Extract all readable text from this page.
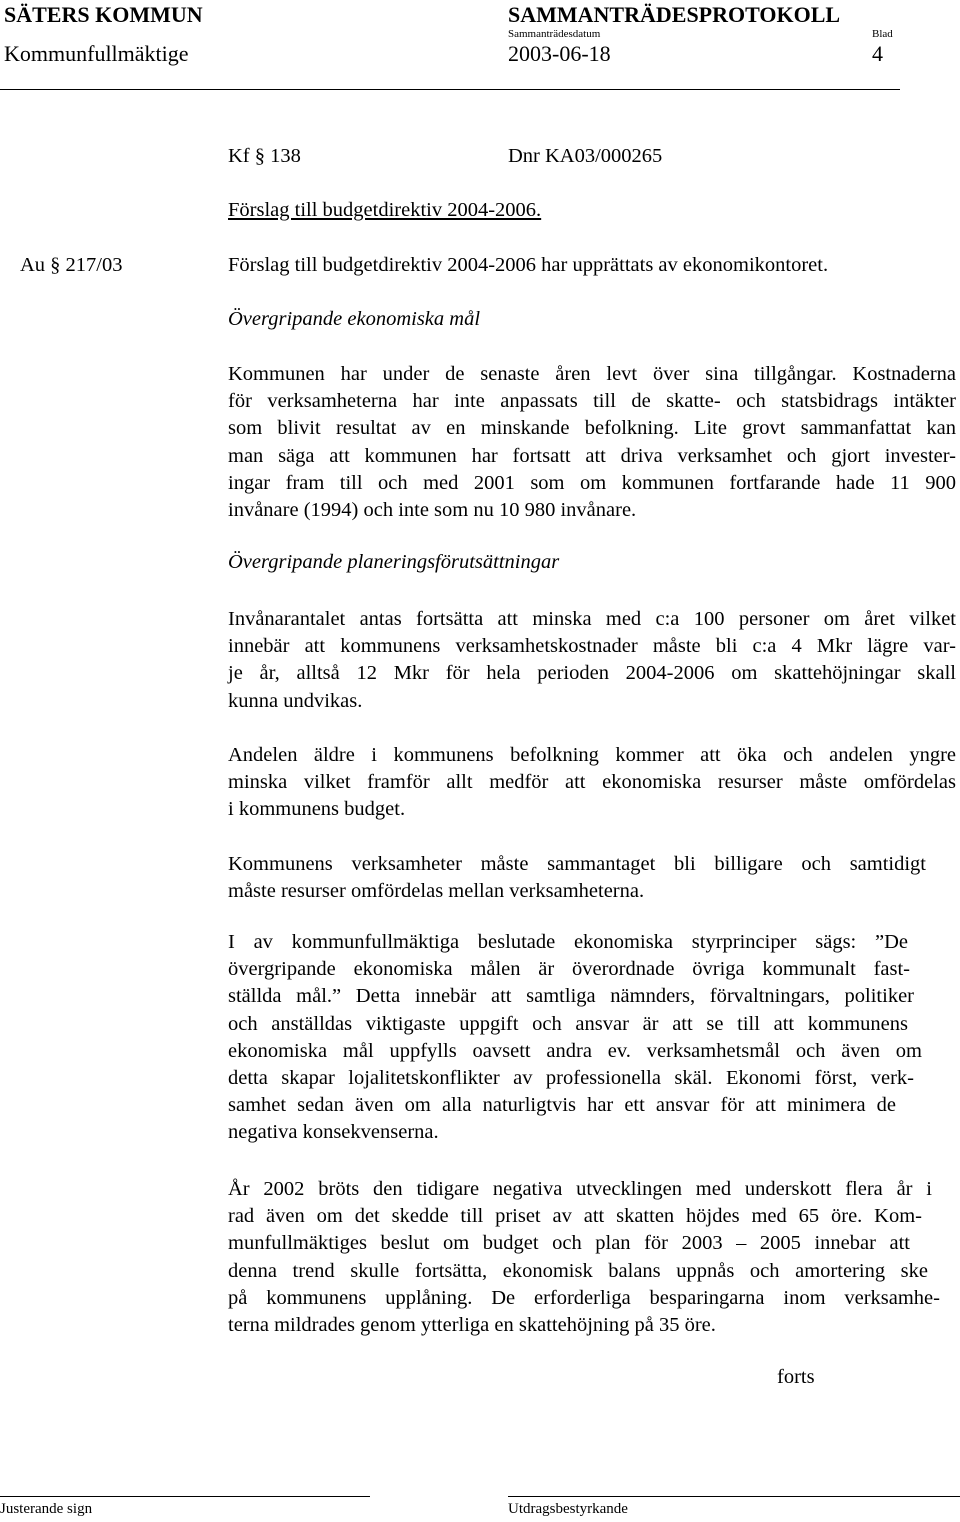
SÄTERS KOMMUN	SAMMANTRÄDESPROTOKOLL
Kommunfullmäktige
Sammanträdesdatum
2003-06-18
Blad
4
Kf § 138	Dnr KA03/000265
Förslag till budgetdirektiv 2004-2006.
Au § 217/03	Förslag till budgetdirektiv 2004-2006 har upprättats av ekonomikontoret.
Övergripande ekonomiska mål
Kommunen har under de senaste åren levt över sina tillgångar. Kostnaderna
för verksamheterna har inte anpassats till de skatte- och statsbidrags intäkter
som blivit resultat av en minskande befolkning. Lite grovt sammanfattat kan
man säga att kommunen har fortsatt att driva verksamhet och gjort invester-
ingar fram till och med 2001 som om kommunen fortfarande hade 11 900
invånare (1994) och inte som nu 10 980 invånare.
Övergripande planeringsförutsättningar
Invånarantalet antas fortsätta att minska med c:a 100 personer om året vilket
innebär att kommunens verksamhetskostnader måste bli c:a 4 Mkr lägre var-
je år, alltså 12 Mkr för hela perioden 2004-2006 om skattehöjningar skall
kunna undvikas.
Andelen äldre i kommunens befolkning kommer att öka och andelen yngre
minska vilket framför allt medför att ekonomiska resurser måste omfördelas
i kommunens budget.
Kommunens verksamheter måste sammantaget bli billigare och samtidigt
måste resurser omfördelas mellan verksamheterna.
I av kommunfullmäktiga beslutade ekonomiska styrprinciper sägs: ”De
övergripande ekonomiska målen är överordnade övriga kommunalt fast-
ställda mål.” Detta innebär att samtliga nämnders, förvaltningars, politiker
och anställdas viktigaste uppgift och ansvar är att se till att kommunens
ekonomiska mål uppfylls oavsett andra ev. verksamhetsmål och även om
detta skapar lojalitetskonflikter av professionella skäl. Ekonomi först, verk-
samhet sedan även om alla naturligtvis har ett ansvar för att minimera de
negativa konsekvenserna.
År 2002 bröts den tidigare negativa utvecklingen med underskott flera år i
rad även om det skedde till priset av att skatten höjdes med 65 öre. Kom-
munfullmäktiges beslut om budget och plan för 2003 – 2005 innebar att
denna trend skulle fortsätta, ekonomisk balans uppnås och amortering ske
på kommunens upplåning. De erforderliga besparingarna inom verksamhe-
terna mildrades genom ytterliga en skattehöjning på 35 öre.
forts
Justerande sign	Utdragsbestyrkande
